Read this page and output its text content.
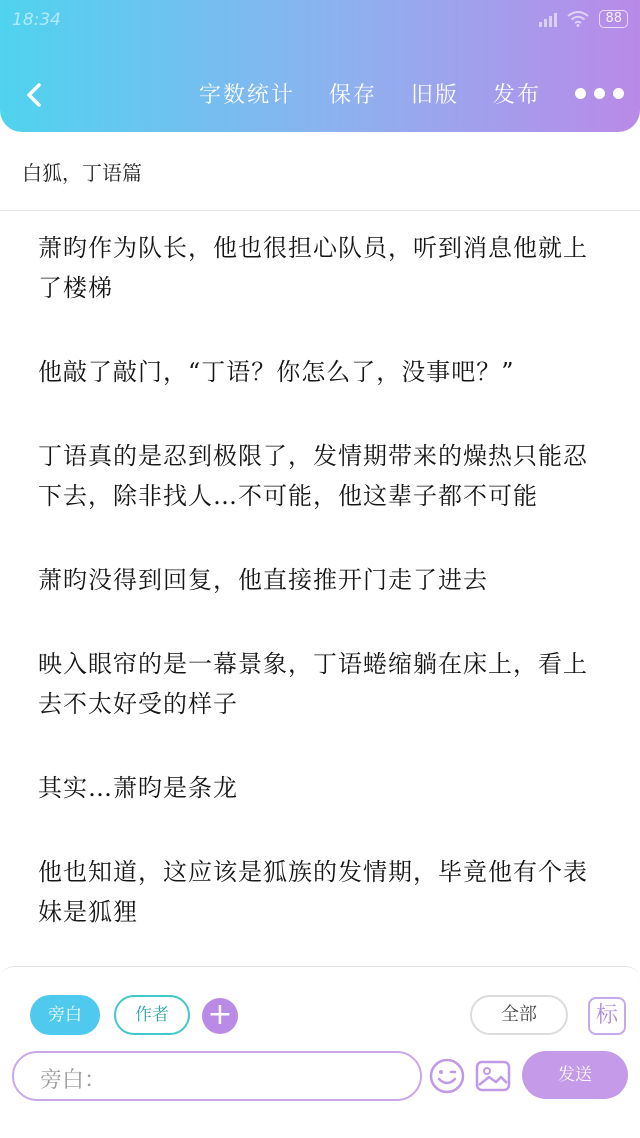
18:34	88
字数统计 保存 旧版 发布
白狐，丁语篇

萧昀作为队长，他也很担心队员，听到消息他就上了楼梯

他敲了敲门，“丁语？你怎么了，没事吧？”

丁语真的是忍到极限了，发情期带来的燥热只能忍下去，除非找人…不可能，他这辈子都不可能

萧昀没得到回复，他直接推开门走了进去

映入眼帘的是一幕景象，丁语蜷缩躺在床上，看上去不太好受的样子

其实…萧昀是条龙

他也知道，这应该是狐族的发情期，毕竟他有个表妹是狐狸

旁白	作者	+	全部	标
旁白：	发送
